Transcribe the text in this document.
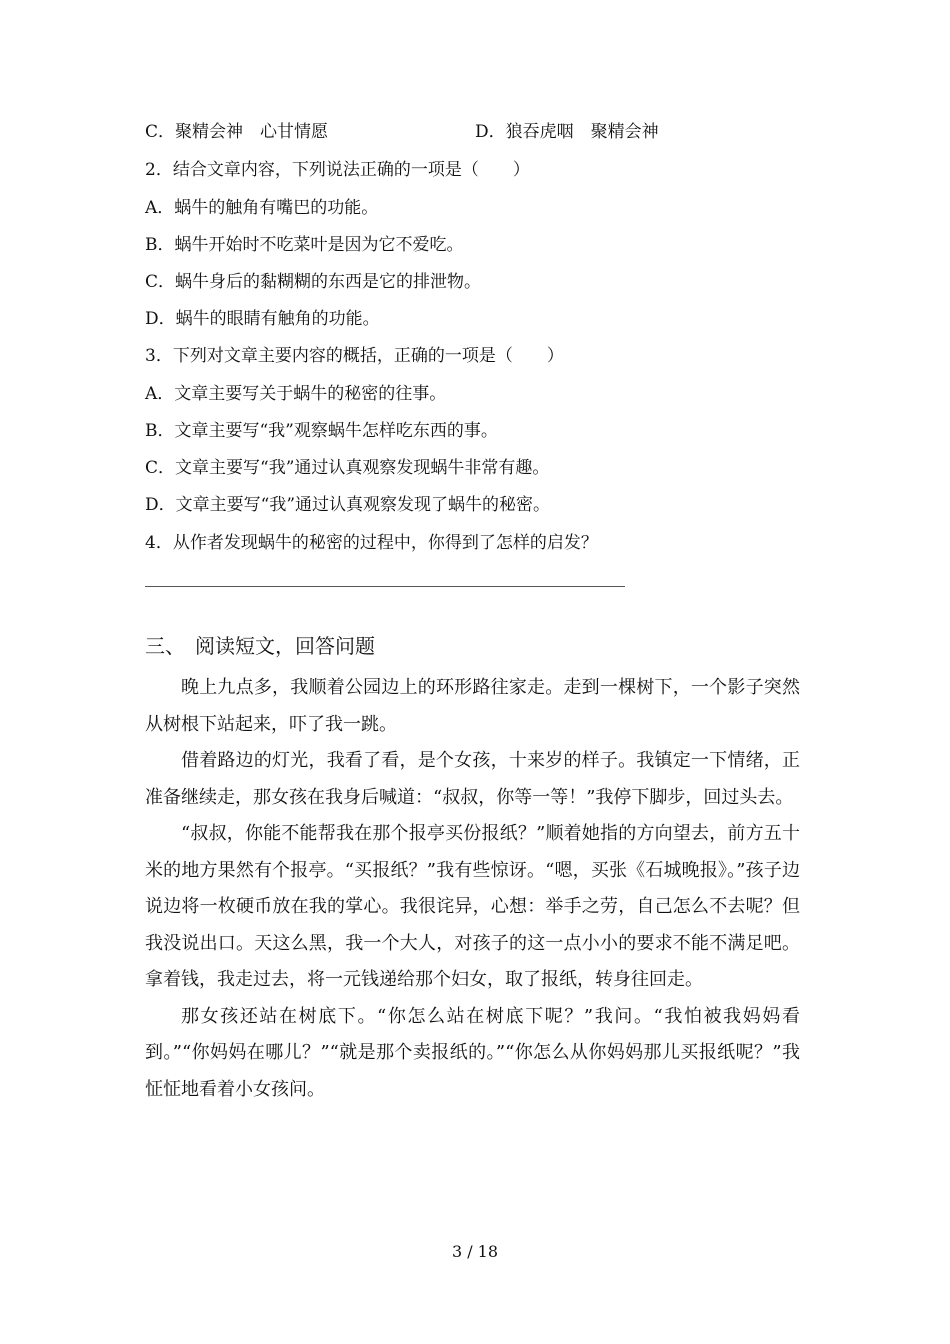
C．聚精会神　心甘情愿	D．狼吞虎咽　聚精会神
2．结合文章内容，下列说法正确的一项是（　　）
A．蜗牛的触角有嘴巴的功能。
B．蜗牛开始时不吃菜叶是因为它不爱吃。
C．蜗牛身后的黏糊糊的东西是它的排泄物。
D．蜗牛的眼睛有触角的功能。
3．下列对文章主要内容的概括，正确的一项是（　　）
A．文章主要写关于蜗牛的秘密的往事。
B．文章主要写“我”观察蜗牛怎样吃东西的事。
C．文章主要写“我”通过认真观察发现蜗牛非常有趣。
D．文章主要写“我”通过认真观察发现了蜗牛的秘密。
4．从作者发现蜗牛的秘密的过程中，你得到了怎样的启发？
三、　阅读短文，回答问题

晚上九点多，我顺着公园边上的环形路往家走。走到一棵树下，一个影子突然从树根下站起来，吓了我一跳。

借着路边的灯光，我看了看，是个女孩，十来岁的样子。我镇定一下情绪，正准备继续走，那女孩在我身后喊道：“叔叔，你等一等！”我停下脚步，回过头去。

“叔叔，你能不能帮我在那个报亭买份报纸？”顺着她指的方向望去，前方五十米的地方果然有个报亭。“买报纸？”我有些惊讶。“嗯，买张《石城晚报》。”孩子边说边将一枚硬币放在我的掌心。我很诧异，心想：举手之劳，自己怎么不去呢？但我没说出口。天这么黑，我一个大人，对孩子的这一点小小的要求不能不满足吧。拿着钱，我走过去，将一元钱递给那个妇女，取了报纸，转身往回走。

那女孩还站在树底下。“你怎么站在树底下呢？”我问。“我怕被我妈妈看到。”“你妈妈在哪儿？”“就是那个卖报纸的。”“你怎么从你妈妈那儿买报纸呢？”我怔怔地看着小女孩问。

3 / 18
